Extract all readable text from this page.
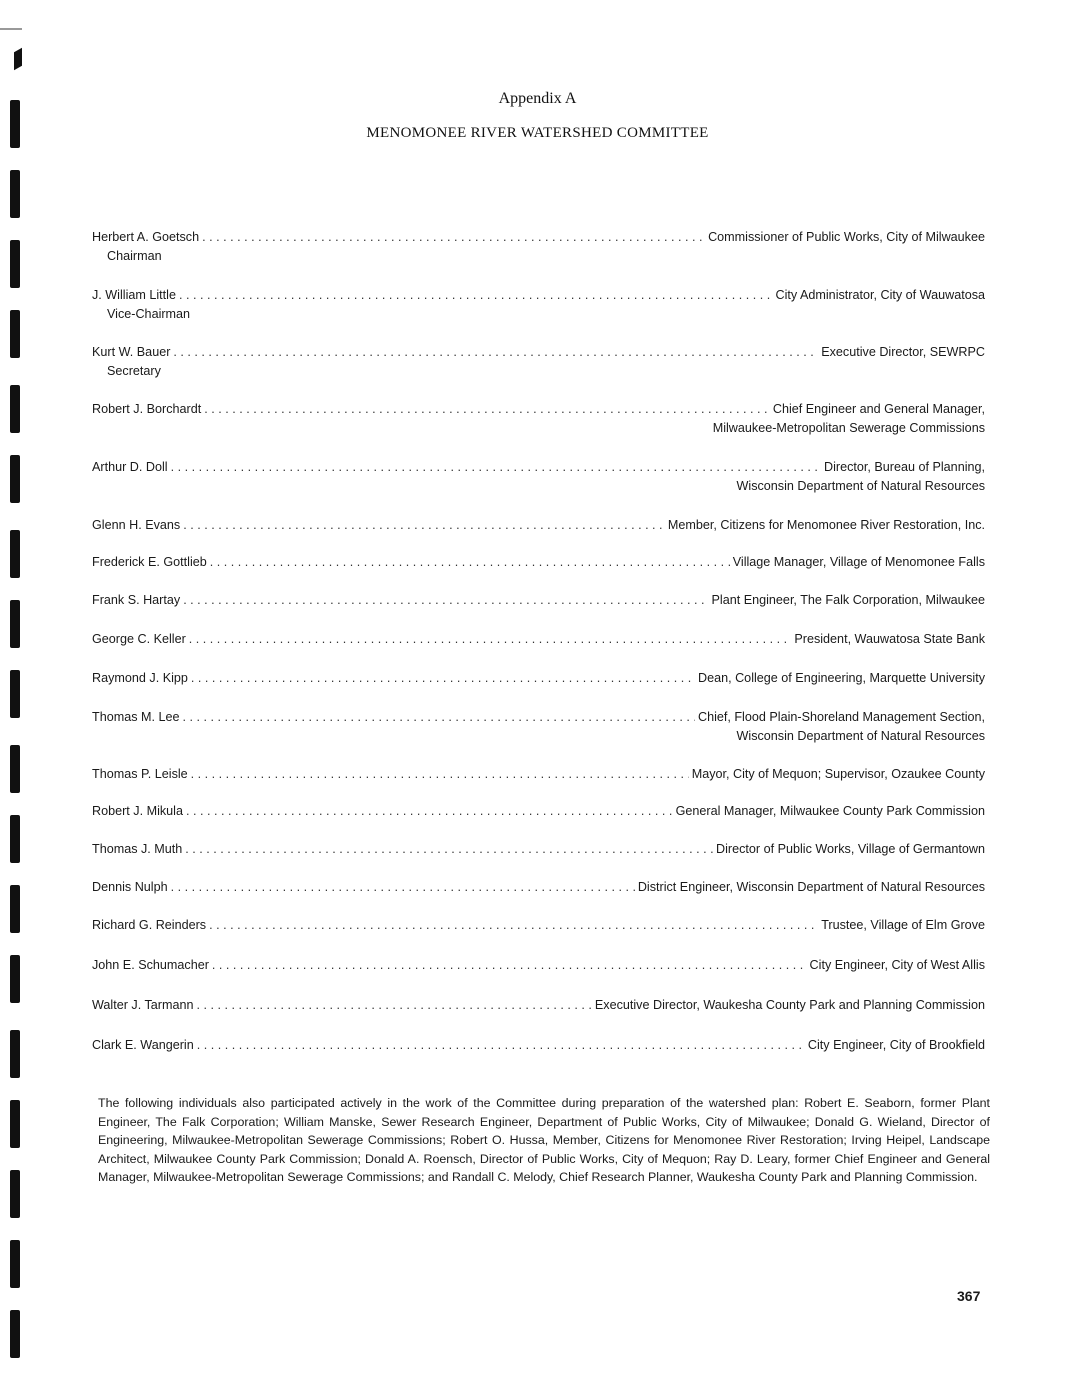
Appendix A
MENOMONEE RIVER WATERSHED COMMITTEE
Herbert A. Goetsch . . .	Commissioner of Public Works, City of Milwaukee
Chairman
J. William Little . . .	City Administrator, City of Wauwatosa
Vice-Chairman
Kurt W. Bauer . . .	Executive Director, SEWRPC
Secretary
Robert J. Borchardt . . .	Chief Engineer and General Manager,
Milwaukee-Metropolitan Sewerage Commissions
Arthur D. Doll . . .	Director, Bureau of Planning,
Wisconsin Department of Natural Resources
Glenn H. Evans . . .	Member, Citizens for Menomonee River Restoration, Inc.
Frederick E. Gottlieb . . .	Village Manager, Village of Menomonee Falls
Frank S. Hartay . . .	Plant Engineer, The Falk Corporation, Milwaukee
George C. Keller . . .	President, Wauwatosa State Bank
Raymond J. Kipp . . .	Dean, College of Engineering, Marquette University
Thomas M. Lee . . .	Chief, Flood Plain-Shoreland Management Section,
Wisconsin Department of Natural Resources
Thomas P. Leisle . . .	Mayor, City of Mequon; Supervisor, Ozaukee County
Robert J. Mikula . . .	General Manager, Milwaukee County Park Commission
Thomas J. Muth . . .	Director of Public Works, Village of Germantown
Dennis Nulph . . .	District Engineer, Wisconsin Department of Natural Resources
Richard G. Reinders . . .	Trustee, Village of Elm Grove
John E. Schumacher . . .	City Engineer, City of West Allis
Walter J. Tarmann . . .	Executive Director, Waukesha County Park and Planning Commission
Clark E. Wangerin . . .	City Engineer, City of Brookfield
The following individuals also participated actively in the work of the Committee during preparation of the watershed plan: Robert E. Seaborn, former Plant Engineer, The Falk Corporation; William Manske, Sewer Research Engineer, Department of Public Works, City of Milwaukee; Donald G. Wieland, Director of Engineering, Milwaukee-Metropolitan Sewerage Commissions; Robert O. Hussa, Member, Citizens for Menomonee River Restoration; Irving Heipel, Landscape Architect, Milwaukee County Park Commission; Donald A. Roensch, Director of Public Works, City of Mequon; Ray D. Leary, former Chief Engineer and General Manager, Milwaukee-Metropolitan Sewerage Commissions; and Randall C. Melody, Chief Research Planner, Waukesha County Park and Planning Commission.
367
